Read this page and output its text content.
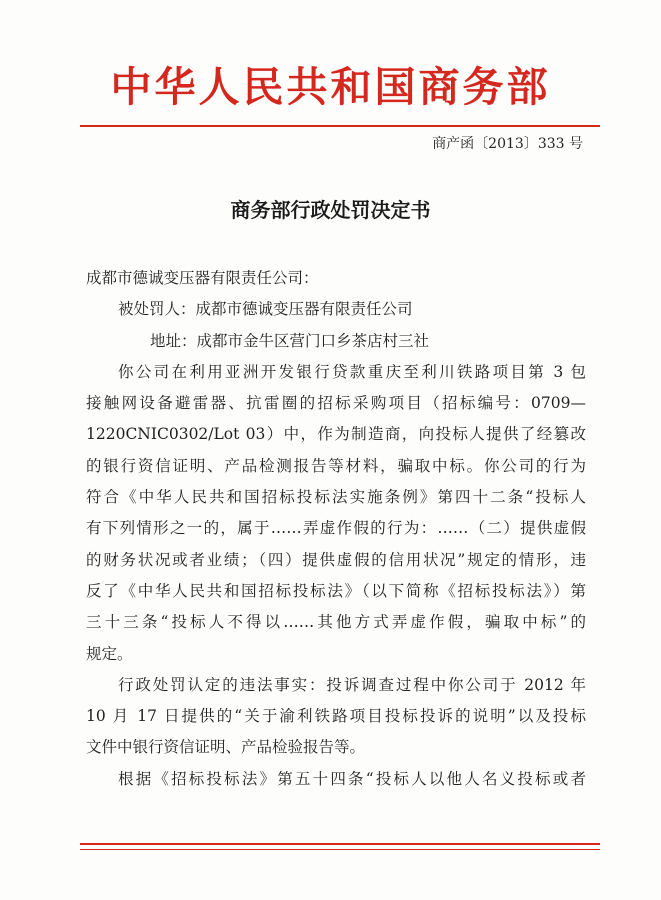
中华人民共和国商务部
商产函〔2013〕333 号
商务部行政处罚决定书
成都市德诚变压器有限责任公司：
被处罚人：成都市德诚变压器有限责任公司
地址：成都市金牛区营门口乡茶店村三社
你公司在利用亚洲开发银行贷款重庆至利川铁路项目第 3 包
接触网设备避雷器、抗雷圈的招标采购项目（招标编号：0709—
1220CNIC0302/Lot 03）中，作为制造商，向投标人提供了经篡改
的银行资信证明、产品检测报告等材料，骗取中标。你公司的行为
符合《中华人民共和国招标投标法实施条例》第四十二条“投标人
有下列情形之一的，属于……弄虚作假的行为：……（二）提供虚假
的财务状况或者业绩；（四）提供虚假的信用状况”规定的情形，违
反了《中华人民共和国招标投标法》（以下简称《招标投标法》）第
三十三条“投标人不得以……其他方式弄虚作假，骗取中标”的
规定。
行政处罚认定的违法事实：投诉调查过程中你公司于 2012 年
10 月 17 日提供的“关于渝利铁路项目投标投诉的说明”以及投标
文件中银行资信证明、产品检验报告等。
根据《招标投标法》第五十四条“投标人以他人名义投标或者
